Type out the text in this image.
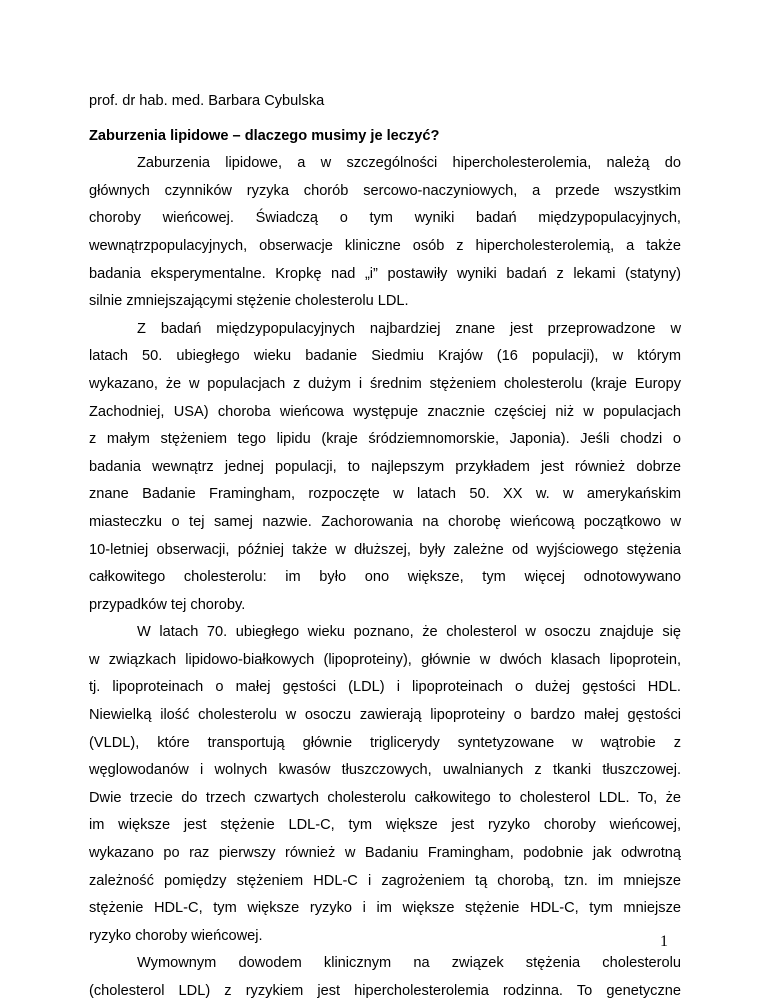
prof. dr hab. med. Barbara Cybulska
Zaburzenia lipidowe – dlaczego musimy je leczyć?
Zaburzenia lipidowe, a w szczególności hipercholesterolemia, należą do
głównych czynników ryzyka chorób sercowo-naczyniowych, a przede wszystkim
choroby wieńcowej. Świadczą o tym wyniki badań międzypopulacyjnych,
wewnątrzpopulacyjnych, obserwacje kliniczne osób z hipercholesterolemią, a także
badania eksperymentalne. Kropkę nad „i” postawiły wyniki badań z lekami (statyny)
silnie zmniejszającymi stężenie cholesterolu LDL.
Z badań międzypopulacyjnych najbardziej znane jest przeprowadzone w
latach 50. ubiegłego wieku badanie Siedmiu Krajów (16 populacji), w którym
wykazano, że w populacjach z dużym i średnim stężeniem cholesterolu (kraje Europy
Zachodniej, USA) choroba wieńcowa występuje znacznie częściej niż w populacjach
z małym stężeniem tego lipidu (kraje śródziemnomorskie, Japonia). Jeśli chodzi o
badania wewnątrz jednej populacji, to najlepszym przykładem jest również dobrze
znane Badanie Framingham, rozpoczęte w latach 50. XX w. w amerykańskim
miasteczku o tej samej nazwie. Zachorowania na chorobę wieńcową początkowo w
10-letniej obserwacji, później także w dłuższej, były zależne od wyjściowego stężenia
całkowitego cholesterolu: im było ono większe, tym więcej odnotowywano
przypadków tej choroby.
W latach 70. ubiegłego wieku poznano, że cholesterol w osoczu znajduje się
w związkach lipidowo-białkowych (lipoproteiny), głównie w dwóch klasach lipoprotein,
tj. lipoproteinach o małej gęstości (LDL) i lipoproteinach o dużej gęstości HDL.
Niewielką ilość cholesterolu w osoczu zawierają lipoproteiny o bardzo małej gęstości
(VLDL), które transportują głównie triglicerydy syntetyzowane w wątrobie z
węglowodanów i wolnych kwasów tłuszczowych, uwalnianych z tkanki tłuszczowej.
Dwie trzecie do trzech czwartych cholesterolu całkowitego to cholesterol LDL. To, że
im większe jest stężenie LDL-C, tym większe jest ryzyko choroby wieńcowej,
wykazano po raz pierwszy również w Badaniu Framingham, podobnie jak odwrotną
zależność pomiędzy stężeniem HDL-C i zagrożeniem tą chorobą, tzn. im mniejsze
stężenie HDL-C, tym większe ryzyko i im większe stężenie HDL-C, tym mniejsze
ryzyko choroby wieńcowej.
Wymownym dowodem klinicznym na związek stężenia cholesterolu
(cholesterol LDL) z ryzykiem jest hipercholesterolemia rodzinna. To genetyczne
1
